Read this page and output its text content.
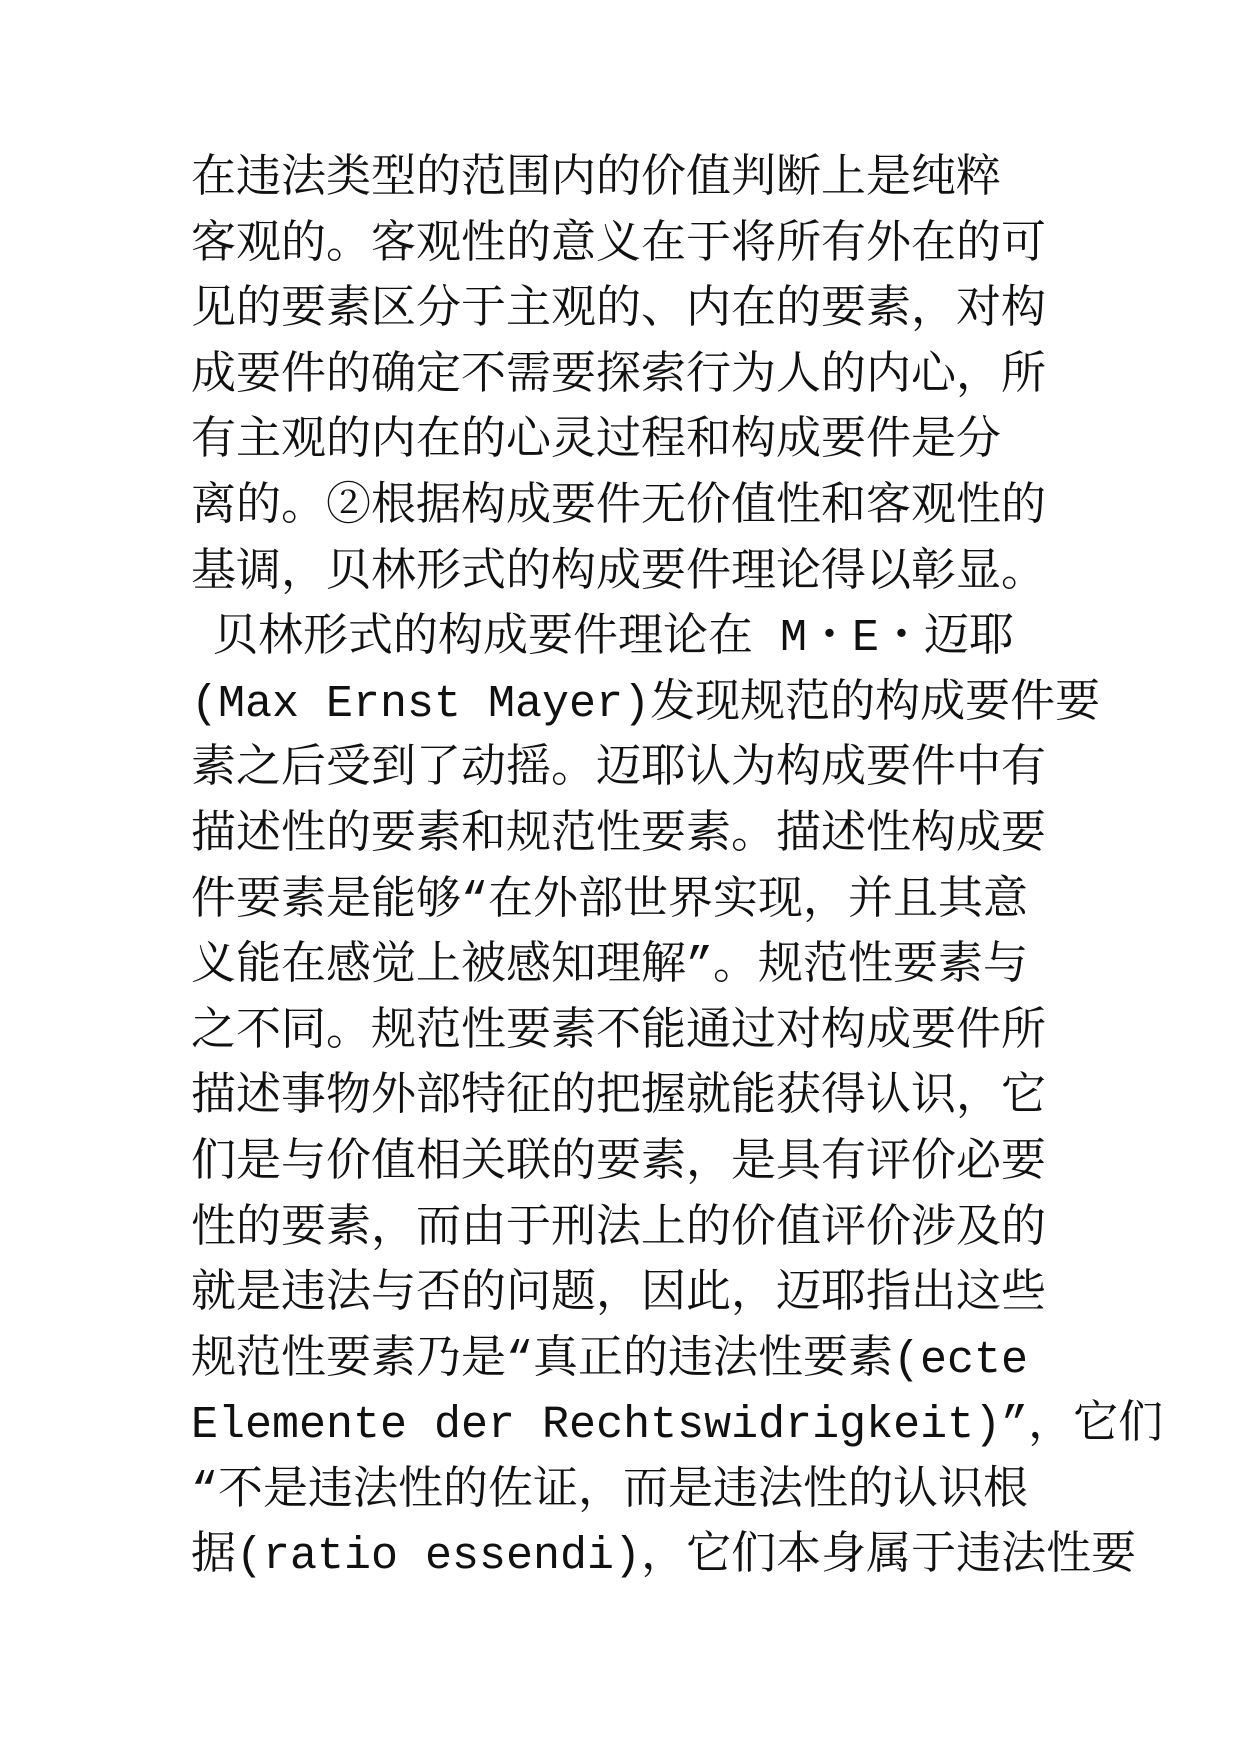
在违法类型的范围内的价值判断上是纯粹
客观的。客观性的意义在于将所有外在的可
见的要素区分于主观的、内在的要素，对构
成要件的确定不需要探索行为人的内心，所
有主观的内在的心灵过程和构成要件是分
离的。②根据构成要件无价值性和客观性的
基调，贝林形式的构成要件理论得以彰显。
贝林形式的构成要件理论在 M・E・迈耶
(Max Ernst Mayer)发现规范的构成要件要
素之后受到了动摇。迈耶认为构成要件中有
描述性的要素和规范性要素。描述性构成要
件要素是能够“在外部世界实现，并且其意
义能在感觉上被感知理解”。规范性要素与
之不同。规范性要素不能通过对构成要件所
描述事物外部特征的把握就能获得认识，它
们是与价值相关联的要素，是具有评价必要
性的要素，而由于刑法上的价值评价涉及的
就是违法与否的问题，因此，迈耶指出这些
规范性要素乃是“真正的违法性要素(ecte
Elemente der Rechtswidrigkeit)”，它们
“不是违法性的佐证，而是违法性的认识根
据(ratio essendi)，它们本身属于违法性要
